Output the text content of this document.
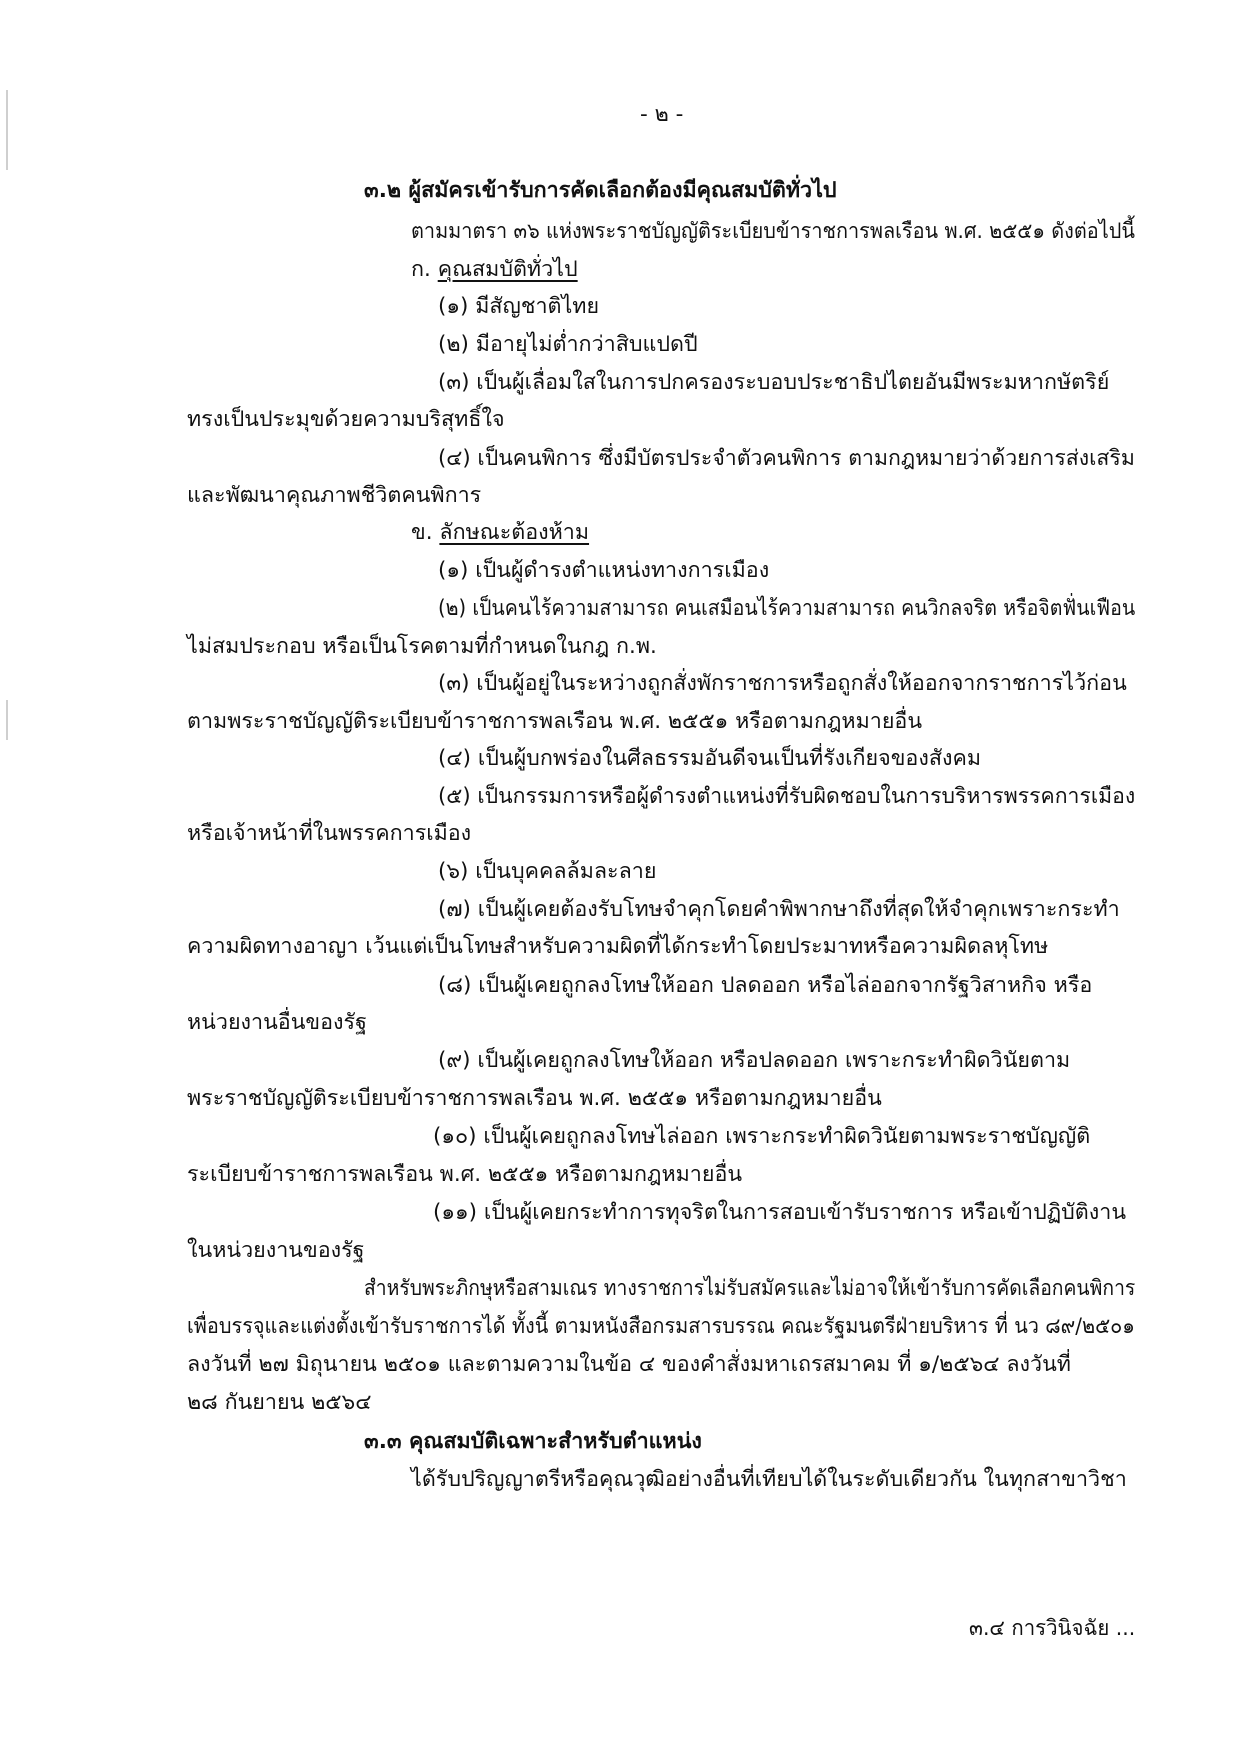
- ๒ -
๓.๒ ผู้สมัครเข้ารับการคัดเลือกต้องมีคุณสมบัติทั่วไป
ตามมาตรา ๓๖ แห่งพระราชบัญญัติระเบียบข้าราชการพลเรือน พ.ศ. ๒๕๕๑ ดังต่อไปนี้
ก. คุณสมบัติทั่วไป
(๑) มีสัญชาติไทย
(๒) มีอายุไม่ต่ำกว่าสิบแปดปี
(๓) เป็นผู้เลื่อมใสในการปกครองระบอบประชาธิปไตยอันมีพระมหากษัตริย์
ทรงเป็นประมุขด้วยความบริสุทธิ์ใจ
(๔) เป็นคนพิการ ซึ่งมีบัตรประจำตัวคนพิการ ตามกฎหมายว่าด้วยการส่งเสริม
และพัฒนาคุณภาพชีวิตคนพิการ
ข. ลักษณะต้องห้าม
(๑) เป็นผู้ดำรงตำแหน่งทางการเมือง
(๒) เป็นคนไร้ความสามารถ คนเสมือนไร้ความสามารถ คนวิกลจริต หรือจิตฟั่นเฟือน
ไม่สมประกอบ หรือเป็นโรคตามที่กำหนดในกฎ ก.พ.
(๓) เป็นผู้อยู่ในระหว่างถูกสั่งพักราชการหรือถูกสั่งให้ออกจากราชการไว้ก่อน
ตามพระราชบัญญัติระเบียบข้าราชการพลเรือน พ.ศ. ๒๕๕๑ หรือตามกฎหมายอื่น
(๔) เป็นผู้บกพร่องในศีลธรรมอันดีจนเป็นที่รังเกียจของสังคม
(๕) เป็นกรรมการหรือผู้ดำรงตำแหน่งที่รับผิดชอบในการบริหารพรรคการเมือง
หรือเจ้าหน้าที่ในพรรคการเมือง
(๖) เป็นบุคคลล้มละลาย
(๗) เป็นผู้เคยต้องรับโทษจำคุกโดยคำพิพากษาถึงที่สุดให้จำคุกเพราะกระทำ
ความผิดทางอาญา เว้นแต่เป็นโทษสำหรับความผิดที่ได้กระทำโดยประมาทหรือความผิดลหุโทษ
(๘) เป็นผู้เคยถูกลงโทษให้ออก ปลดออก หรือไล่ออกจากรัฐวิสาหกิจ หรือ
หน่วยงานอื่นของรัฐ
(๙) เป็นผู้เคยถูกลงโทษให้ออก หรือปลดออก เพราะกระทำผิดวินัยตาม
พระราชบัญญัติระเบียบข้าราชการพลเรือน พ.ศ. ๒๕๕๑ หรือตามกฎหมายอื่น
(๑๐) เป็นผู้เคยถูกลงโทษไล่ออก เพราะกระทำผิดวินัยตามพระราชบัญญัติ
ระเบียบข้าราชการพลเรือน พ.ศ. ๒๕๕๑ หรือตามกฎหมายอื่น
(๑๑) เป็นผู้เคยกระทำการทุจริตในการสอบเข้ารับราชการ หรือเข้าปฏิบัติงาน
ในหน่วยงานของรัฐ
สำหรับพระภิกษุหรือสามเณร ทางราชการไม่รับสมัครและไม่อาจให้เข้ารับการคัดเลือกคนพิการ
เพื่อบรรจุและแต่งตั้งเข้ารับราชการได้ ทั้งนี้ ตามหนังสือกรมสารบรรณ คณะรัฐมนตรีฝ่ายบริหาร ที่ นว ๘๙/๒๕๐๑
ลงวันที่ ๒๗ มิถุนายน ๒๕๐๑ และตามความในข้อ ๔ ของคำสั่งมหาเถรสมาคม ที่ ๑/๒๕๖๔ ลงวันที่
๒๘ กันยายน ๒๕๖๔
๓.๓ คุณสมบัติเฉพาะสำหรับตำแหน่ง
ได้รับปริญญาตรีหรือคุณวุฒิอย่างอื่นที่เทียบได้ในระดับเดียวกัน ในทุกสาขาวิชา
๓.๔ การวินิจฉัย ...
